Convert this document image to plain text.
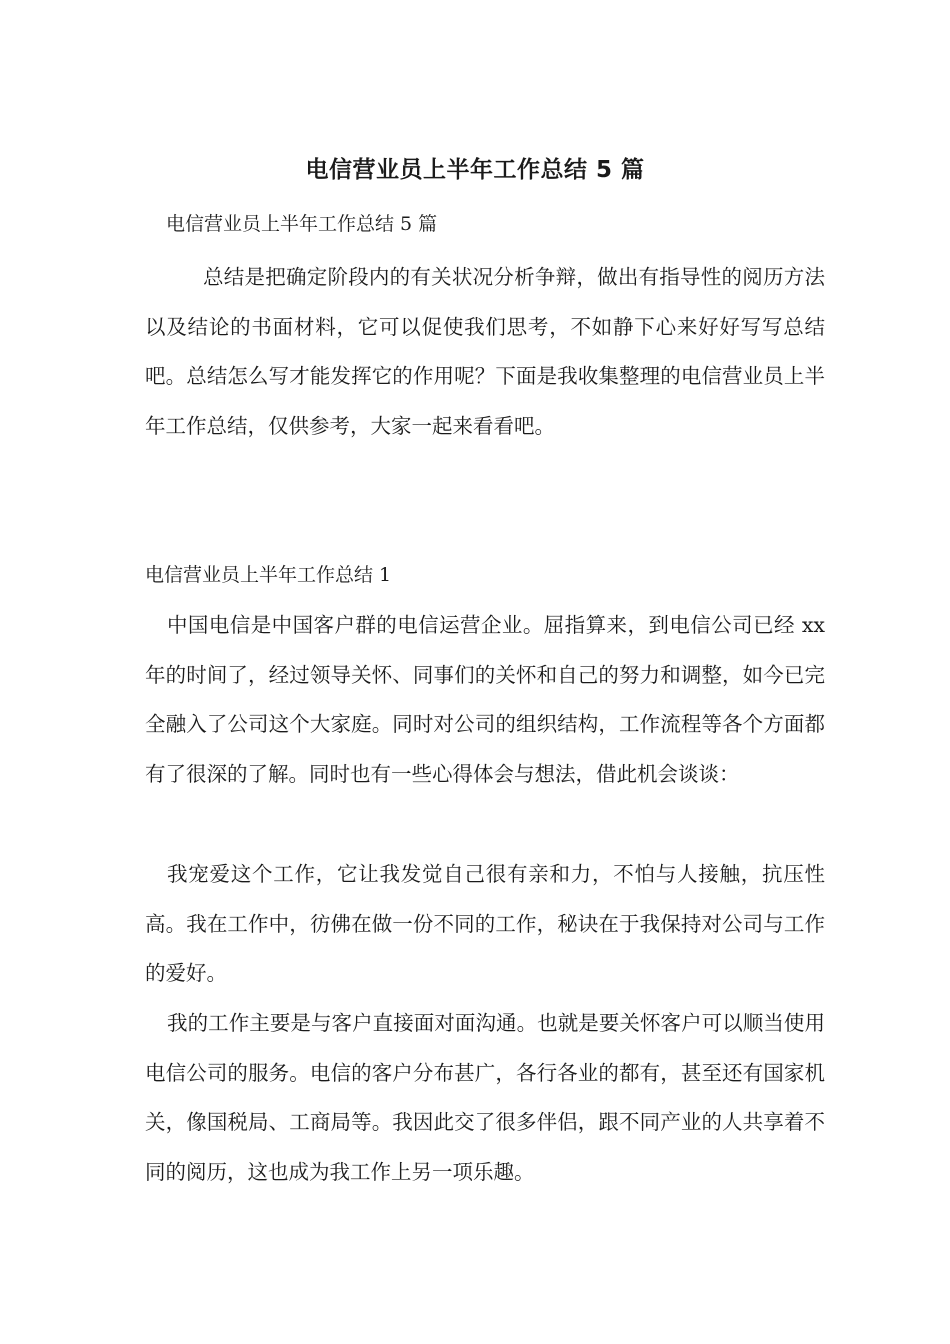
电信营业员上半年工作总结 5 篇
电信营业员上半年工作总结 5 篇
总结是把确定阶段内的有关状况分析争辩，做出有指导性的阅历方法以及结论的书面材料，它可以促使我们思考，不如静下心来好好写写总结吧。总结怎么写才能发挥它的作用呢？下面是我收集整理的电信营业员上半年工作总结，仅供参考，大家一起来看看吧。
电信营业员上半年工作总结 1
中国电信是中国客户群的电信运营企业。屈指算来，到电信公司已经 xx 年的时间了，经过领导关怀、同事们的关怀和自己的努力和调整，如今已完全融入了公司这个大家庭。同时对公司的组织结构，工作流程等各个方面都有了很深的了解。同时也有一些心得体会与想法，借此机会谈谈：
我宠爱这个工作，它让我发觉自己很有亲和力，不怕与人接触，抗压性高。我在工作中，彷佛在做一份不同的工作，秘诀在于我保持对公司与工作的爱好。
我的工作主要是与客户直接面对面沟通。也就是要关怀客户可以顺当使用电信公司的服务。电信的客户分布甚广，各行各业的都有，甚至还有国家机关，像国税局、工商局等。我因此交了很多伴侣，跟不同产业的人共享着不同的阅历，这也成为我工作上另一项乐趣。
